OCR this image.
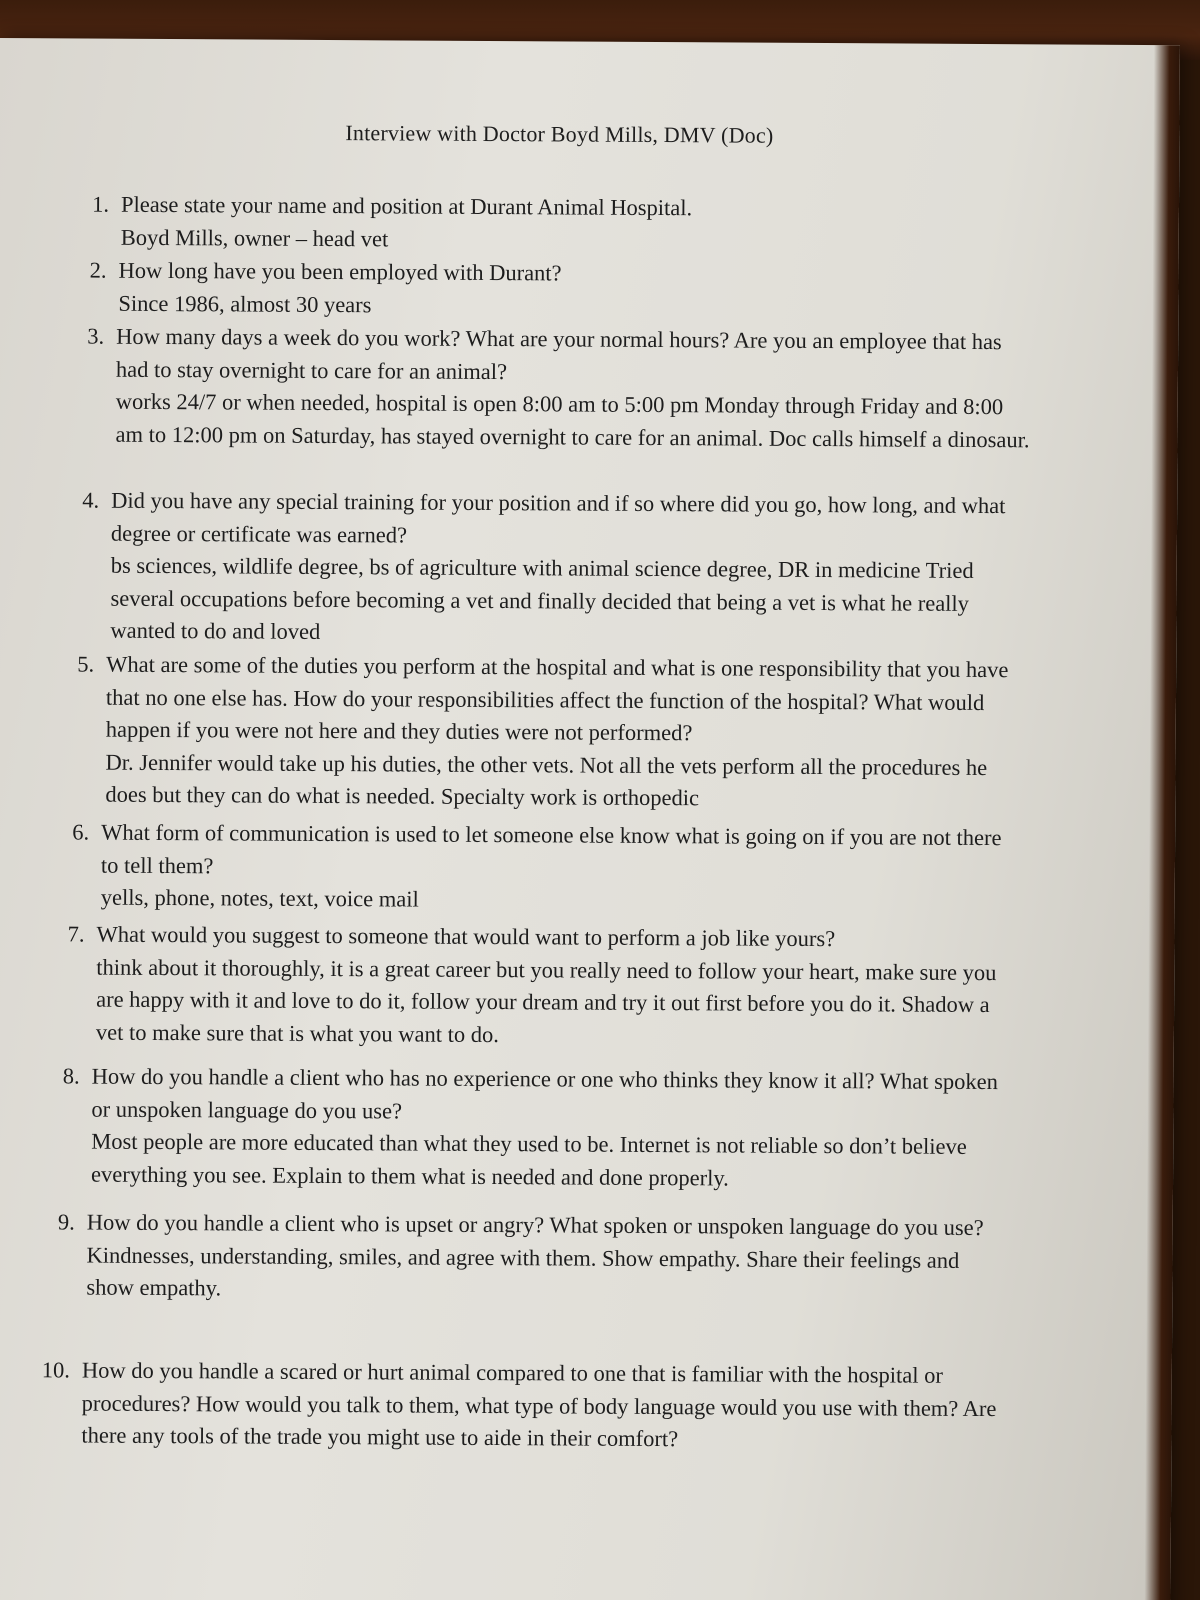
Interview with Doctor Boyd Mills, DMV (Doc)
1. Please state your name and position at Durant Animal Hospital.
Boyd Mills, owner – head vet
2. How long have you been employed with Durant?
Since 1986, almost 30 years
3. How many days a week do you work? What are your normal hours? Are you an employee that has had to stay overnight to care for an animal?
works 24/7 or when needed, hospital is open 8:00 am to 5:00 pm Monday through Friday and 8:00 am to 12:00 pm on Saturday, has stayed overnight to care for an animal. Doc calls himself a dinosaur.
4. Did you have any special training for your position and if so where did you go, how long, and what degree or certificate was earned?
bs sciences, wildlife degree, bs of agriculture with animal science degree, DR in medicine Tried several occupations before becoming a vet and finally decided that being a vet is what he really wanted to do and loved
5. What are some of the duties you perform at the hospital and what is one responsibility that you have that no one else has. How do your responsibilities affect the function of the hospital? What would happen if you were not here and they duties were not performed?
Dr. Jennifer would take up his duties, the other vets. Not all the vets perform all the procedures he does but they can do what is needed. Specialty work is orthopedic
6. What form of communication is used to let someone else know what is going on if you are not there to tell them?
yells, phone, notes, text, voice mail
7. What would you suggest to someone that would want to perform a job like yours?
think about it thoroughly, it is a great career but you really need to follow your heart, make sure you are happy with it and love to do it, follow your dream and try it out first before you do it. Shadow a vet to make sure that is what you want to do.
8. How do you handle a client who has no experience or one who thinks they know it all? What spoken or unspoken language do you use?
Most people are more educated than what they used to be. Internet is not reliable so don’t believe everything you see. Explain to them what is needed and done properly.
9. How do you handle a client who is upset or angry? What spoken or unspoken language do you use?
Kindnesses, understanding, smiles, and agree with them. Show empathy. Share their feelings and show empathy.
10. How do you handle a scared or hurt animal compared to one that is familiar with the hospital or procedures? How would you talk to them, what type of body language would you use with them? Are there any tools of the trade you might use to aide in their comfort?
